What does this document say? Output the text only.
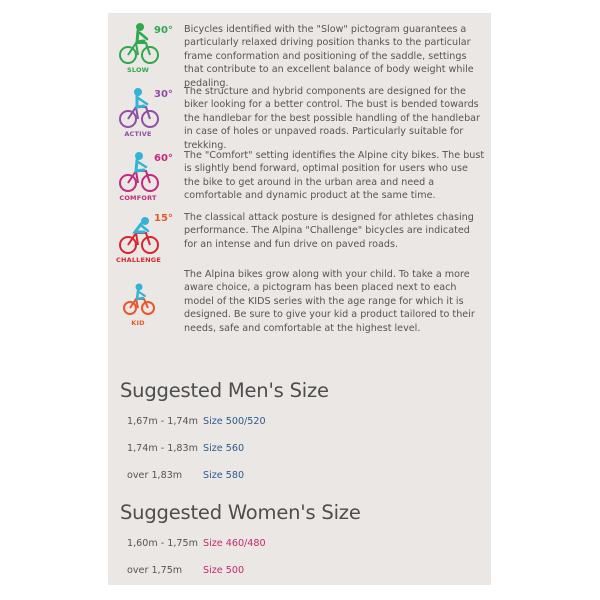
90°
SLOW
Bicycles identified with the "Slow" pictogram guarantees a particularly relaxed driving position thanks to the particular frame conformation and positioning of the saddle, settings that contribute to an excellent balance of body weight while pedaling.
30°
ACTIVE
The structure and hybrid components are designed for the biker looking for a better control. The bust is bended towards the handlebar for the best possible handling of the handlebar in case of holes or unpaved roads. Particularly suitable for trekking.
60°
COMFORT
The "Comfort" setting identifies the Alpine city bikes. The bust is slightly bend forward, optimal position for users who use the bike to get around in the urban area and need a comfortable and dynamic product at the same time.
15°
CHALLENGE
The classical attack posture is designed for athletes chasing performance. The Alpina "Challenge" bicycles are indicated for an intense and fun drive on paved roads.
KID
The Alpina bikes grow along with your child. To take a more aware choice, a pictogram has been placed next to each model of the KIDS series with the age range for which it is designed. Be sure to give your kid a product tailored to their needs, safe and comfortable at the highest level.
Suggested Men's Size
1,67m - 1,74m Size 500/520
1,74m - 1,83m Size 560
over 1,83m Size 580
Suggested Women's Size
1,60m - 1,75m Size 460/480
over 1,75m Size 500
